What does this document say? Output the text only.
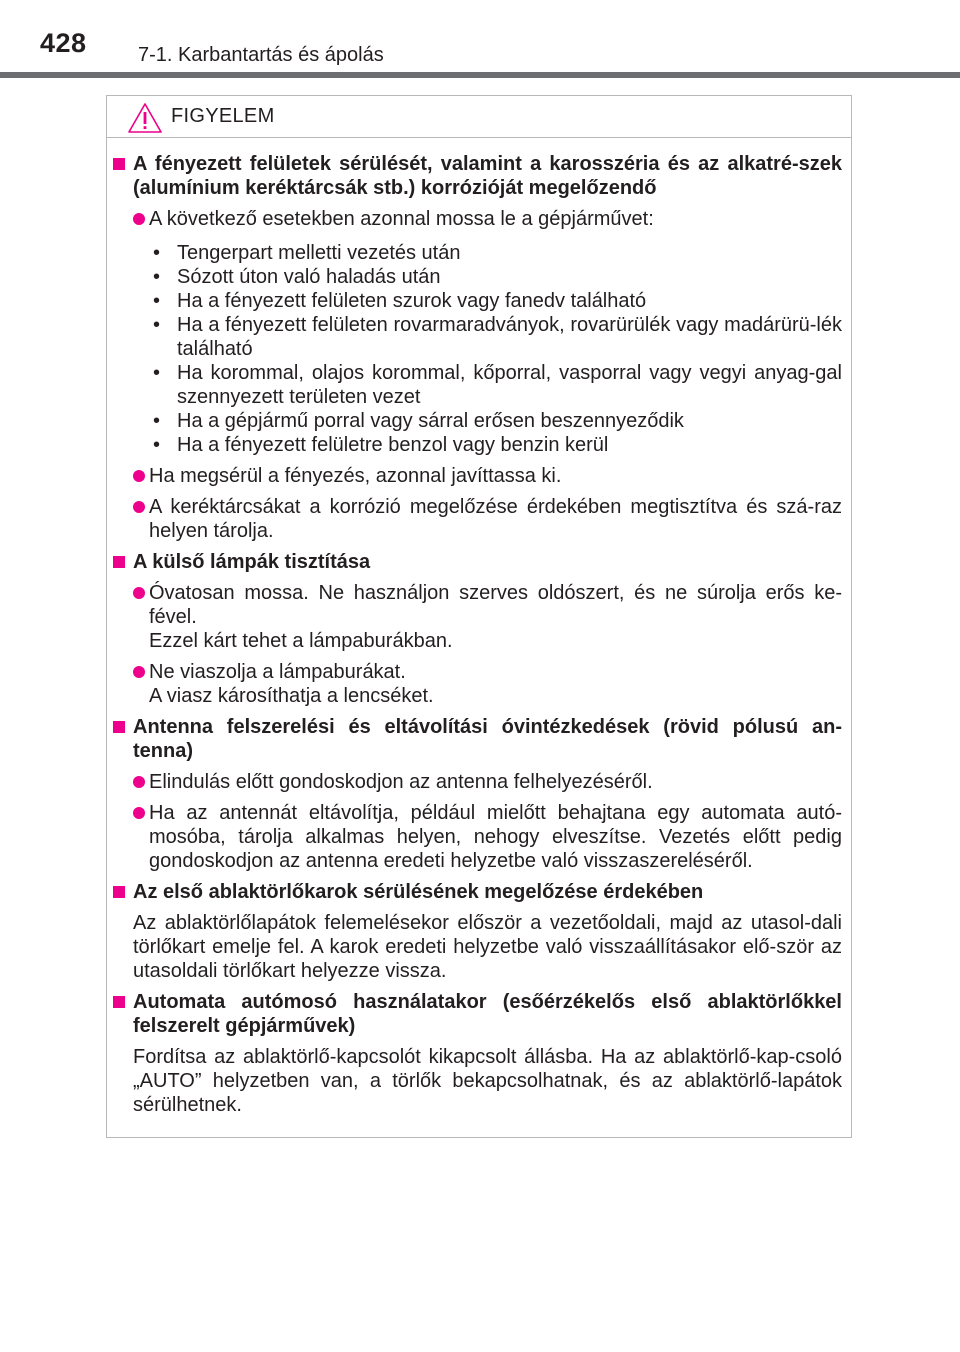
428	7-1. Karbantartás és ápolás
FIGYELEM
A fényezett felületek sérülését, valamint a karosszéria és az alkatré-szek (alumínium keréktárcsák stb.) korrózióját megelőzendő
A következő esetekben azonnal mossa le a gépjárművet:
• Tengerpart melletti vezetés után
• Sózott úton való haladás után
• Ha a fényezett felületen szurok vagy fanedv található
• Ha a fényezett felületen rovarmaradványok, rovarürülék vagy madárürü-lék található
• Ha korommal, olajos korommal, kőporral, vasporral vagy vegyi anyag-gal szennyezett területen vezet
• Ha a gépjármű porral vagy sárral erősen beszennyeződik
• Ha a fényezett felületre benzol vagy benzin kerül
Ha megsérül a fényezés, azonnal javíttassa ki.
A keréktárcsákat a korrózió megelőzése érdekében megtisztítva és szá-raz helyen tárolja.
A külső lámpák tisztítása
Óvatosan mossa. Ne használjon szerves oldószert, és ne súrolja erős ke-fével.
Ezzel kárt tehet a lámpaburákban.
Ne viaszolja a lámpaburákat.
A viasz károsíthatja a lencséket.
Antenna felszerelési és eltávolítási óvintézkedések (rövid pólusú an-tenna)
Elindulás előtt gondoskodjon az antenna felhelyezéséről.
Ha az antennát eltávolítja, például mielőtt behajtana egy automata autó-mosóba, tárolja alkalmas helyen, nehogy elveszítse. Vezetés előtt pedig gondoskodjon az antenna eredeti helyzetbe való visszaszereléséről.
Az első ablaktörlőkarok sérülésének megelőzése érdekében
Az ablaktörlőlapátok felemelésekor először a vezetőoldali, majd az utasol-dali törlőkart emelje fel. A karok eredeti helyzetbe való visszaállításakor elő-ször az utasoldali törlőkart helyezze vissza.
Automata autómosó használatakor (esőérzékelős első ablaktörlőkkel felszerelt gépjárművek)
Fordítsa az ablaktörlő-kapcsolót kikapcsolt állásba. Ha az ablaktörlő-kap-csoló „AUTO” helyzetben van, a törlők bekapcsolhatnak, és az ablaktörlő-lapátok sérülhetnek.
